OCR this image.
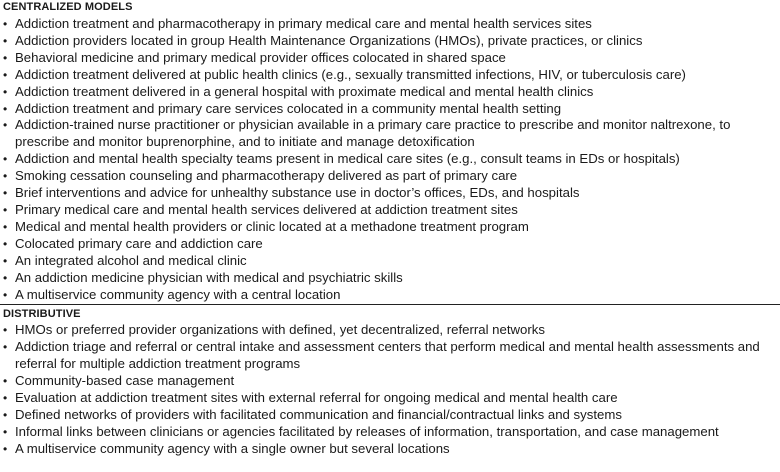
CENTRALIZED MODELS
• Addiction treatment and pharmacotherapy in primary medical care and mental health services sites
• Addiction providers located in group Health Maintenance Organizations (HMOs), private practices, or clinics
• Behavioral medicine and primary medical provider offices colocated in shared space
• Addiction treatment delivered at public health clinics (e.g., sexually transmitted infections, HIV, or tuberculosis care)
• Addiction treatment delivered in a general hospital with proximate medical and mental health clinics
• Addiction treatment and primary care services colocated in a community mental health setting
• Addiction-trained nurse practitioner or physician available in a primary care practice to prescribe and monitor naltrexone, to prescribe and monitor buprenorphine, and to initiate and manage detoxification
• Addiction and mental health specialty teams present in medical care sites (e.g., consult teams in EDs or hospitals)
• Smoking cessation counseling and pharmacotherapy delivered as part of primary care
• Brief interventions and advice for unhealthy substance use in doctor’s offices, EDs, and hospitals
• Primary medical care and mental health services delivered at addiction treatment sites
• Medical and mental health providers or clinic located at a methadone treatment program
• Colocated primary care and addiction care
• An integrated alcohol and medical clinic
• An addiction medicine physician with medical and psychiatric skills
• A multiservice community agency with a central location
DISTRIBUTIVE
• HMOs or preferred provider organizations with defined, yet decentralized, referral networks
• Addiction triage and referral or central intake and assessment centers that perform medical and mental health assessments and referral for multiple addiction treatment programs
• Community-based case management
• Evaluation at addiction treatment sites with external referral for ongoing medical and mental health care
• Defined networks of providers with facilitated communication and financial/contractual links and systems
• Informal links between clinicians or agencies facilitated by releases of information, transportation, and case management
• A multiservice community agency with a single owner but several locations
